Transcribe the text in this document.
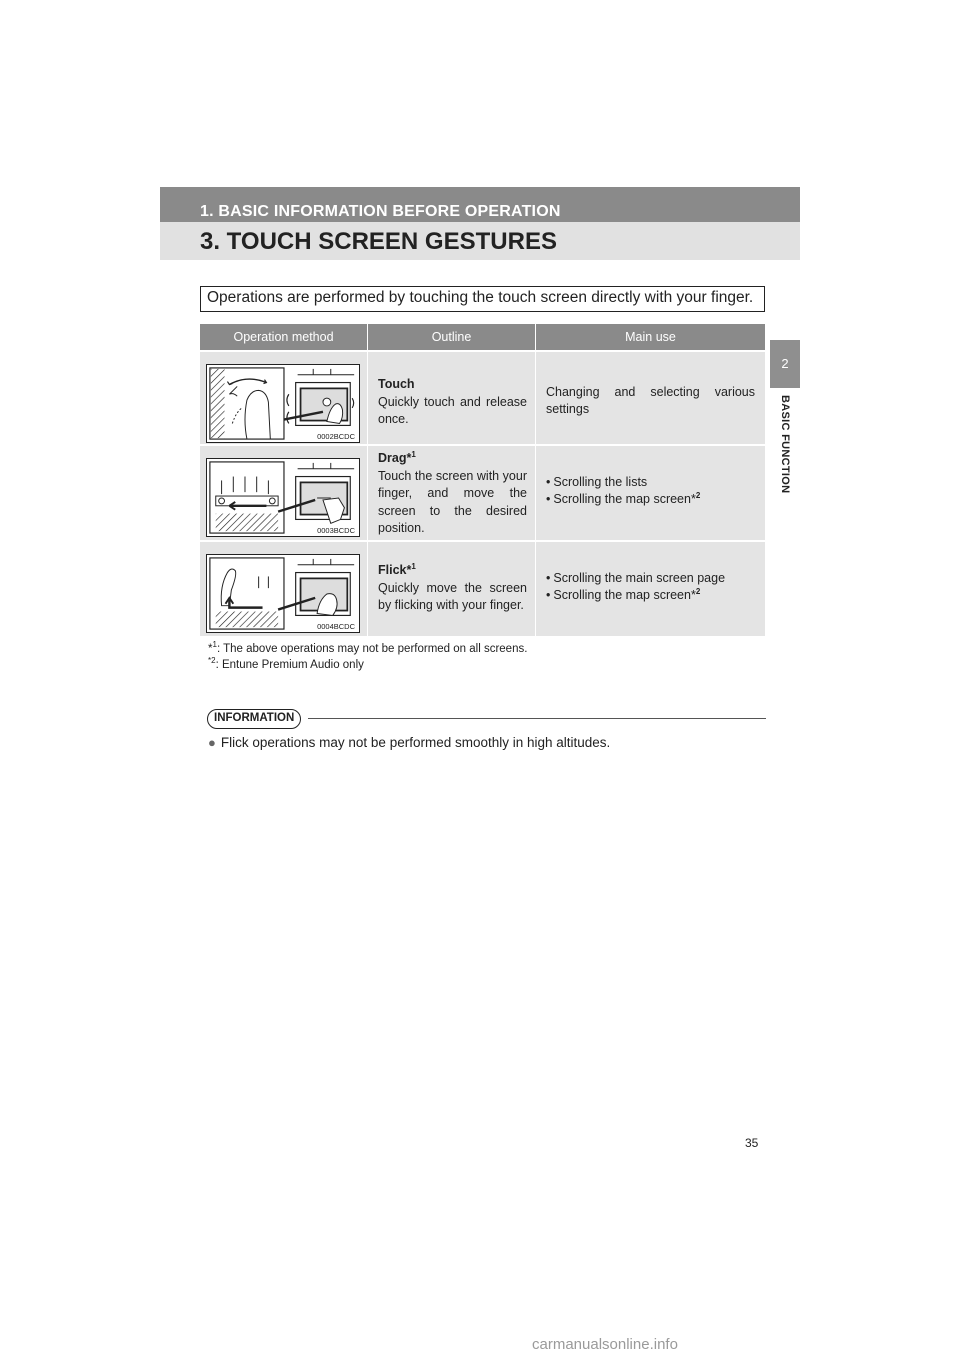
1. BASIC INFORMATION BEFORE OPERATION
3. TOUCH SCREEN GESTURES
2
BASIC FUNCTION
Operations are performed by touching the touch screen directly with your finger.
Operation method	Outline	Main use
0002BCDC
Touch
Quickly touch and release once.
Changing and selecting various settings
0003BCDC
Drag*$^1$
Touch the screen with your finger, and move the screen to the desired position.
• Scrolling the lists
• Scrolling the map screen*$^2$
0004BCDC
Flick*$^1$
Quickly move the screen by flicking with your finger.
• Scrolling the main screen page
• Scrolling the map screen*$^2$
*$^1$: The above operations may not be performed on all screens.
$^{*2}$: Entune Premium Audio only
INFORMATION
● Flick operations may not be performed smoothly in high altitudes.
35
carmanualsonline.info
